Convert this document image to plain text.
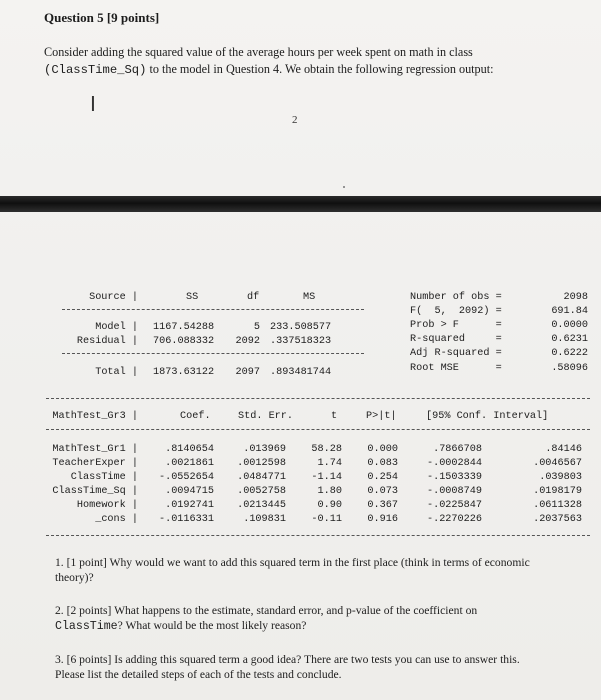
Question 5 [9 points]
Consider adding the squared value of the average hours per week spent on math in class (ClassTime_Sq) to the model in Question 4. We obtain the following regression output:
I
2
Source |	SS	df	MS
Model | 1167.54288	5 233.508577
Residual | 706.088332	2092 .337518323
Total | 1873.63122	2097 .893481744
Number of obs =	2098
F(  5,  2092) =	691.84
Prob > F      =	0.0000
R-squared     =	0.6231
Adj R-squared =	0.6222
Root MSE      =	.58096
MathTest_Gr3 |	Coef.	Std. Err.	t	P>|t|	[95% Conf. Interval]
MathTest_Gr1 |	.8140654	.013969	58.28	0.000	.7866708	.84146
TeacherExper |	.0021861	.0012598	1.74	0.083	-.0002844	.0046567
ClassTime |	-.0552654	.0484771	-1.14	0.254	-.1503339	.039803
ClassTime_Sq |	.0094715	.0052758	1.80	0.073	-.0008749	.0198179
Homework |	.0192741	.0213445	0.90	0.367	-.0225847	.0611328
_cons |	-.0116331	.109831	-0.11	0.916	-.2270226	.2037563
1. [1 point] Why would we want to add this squared term in the first place (think in terms of economic theory)?
2. [2 points] What happens to the estimate, standard error, and p-value of the coefficient on ClassTime? What would be the most likely reason?
3. [6 points] Is adding this squared term a good idea? There are two tests you can use to answer this. Please list the detailed steps of each of the tests and conclude.
